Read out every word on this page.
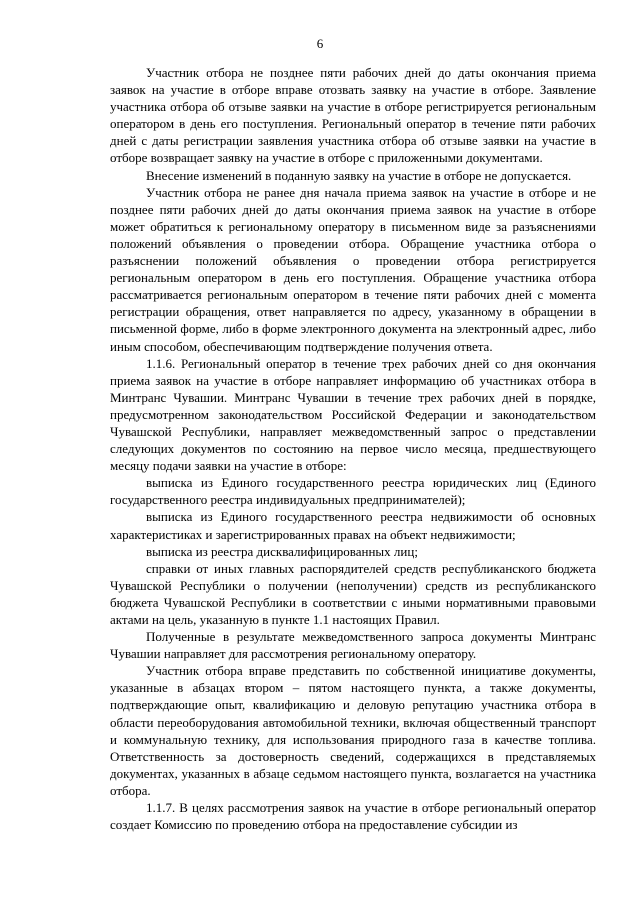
6

Участник отбора не позднее пяти рабочих дней до даты окончания приема заявок на участие в отборе вправе отозвать заявку на участие в отборе. Заявление участника отбора об отзыве заявки на участие в отборе регистрируется региональным оператором в день его поступления. Региональный оператор в течение пяти рабочих дней с даты регистрации заявления участника отбора об отзыве заявки на участие в отборе возвращает заявку на участие в отборе с приложенными документами.

Внесение изменений в поданную заявку на участие в отборе не допускается.

Участник отбора не ранее дня начала приема заявок на участие в отборе и не позднее пяти рабочих дней до даты окончания приема заявок на участие в отборе может обратиться к региональному оператору в письменном виде за разъяснениями положений объявления о проведении отбора. Обращение участника отбора о разъяснении положений объявления о проведении отбора регистрируется региональным оператором в день его поступления. Обращение участника отбора рассматривается региональным оператором в течение пяти рабочих дней с момента регистрации обращения, ответ направляется по адресу, указанному в обращении в письменной форме, либо в форме электронного документа на электронный адрес, либо иным способом, обеспечивающим подтверждение получения ответа.

1.1.6. Региональный оператор в течение трех рабочих дней со дня окончания приема заявок на участие в отборе направляет информацию об участниках отбора в Минтранс Чувашии. Минтранс Чувашии в течение трех рабочих дней в порядке, предусмотренном законодательством Российской Федерации и законодательством Чувашской Республики, направляет межведомственный запрос о представлении следующих документов по состоянию на первое число месяца, предшествующего месяцу подачи заявки на участие в отборе:

выписка из Единого государственного реестра юридических лиц (Единого государственного реестра индивидуальных предпринимателей);

выписка из Единого государственного реестра недвижимости об основных характеристиках и зарегистрированных правах на объект недвижимости;

выписка из реестра дисквалифицированных лиц;

справки от иных главных распорядителей средств республиканского бюджета Чувашской Республики о получении (неполучении) средств из республиканского бюджета Чувашской Республики в соответствии с иными нормативными правовыми актами на цель, указанную в пункте 1.1 настоящих Правил.

Полученные в результате межведомственного запроса документы Минтранс Чувашии направляет для рассмотрения региональному оператору.

Участник отбора вправе представить по собственной инициативе документы, указанные в абзацах втором – пятом настоящего пункта, а также документы, подтверждающие опыт, квалификацию и деловую репутацию участника отбора в области переоборудования автомобильной техники, включая общественный транспорт и коммунальную технику, для использования природного газа в качестве топлива. Ответственность за достоверность сведений, содержащихся в представляемых документах, указанных в абзаце седьмом настоящего пункта, возлагается на участника отбора.

1.1.7. В целях рассмотрения заявок на участие в отборе региональный оператор создает Комиссию по проведению отбора на предоставление субсидии из
